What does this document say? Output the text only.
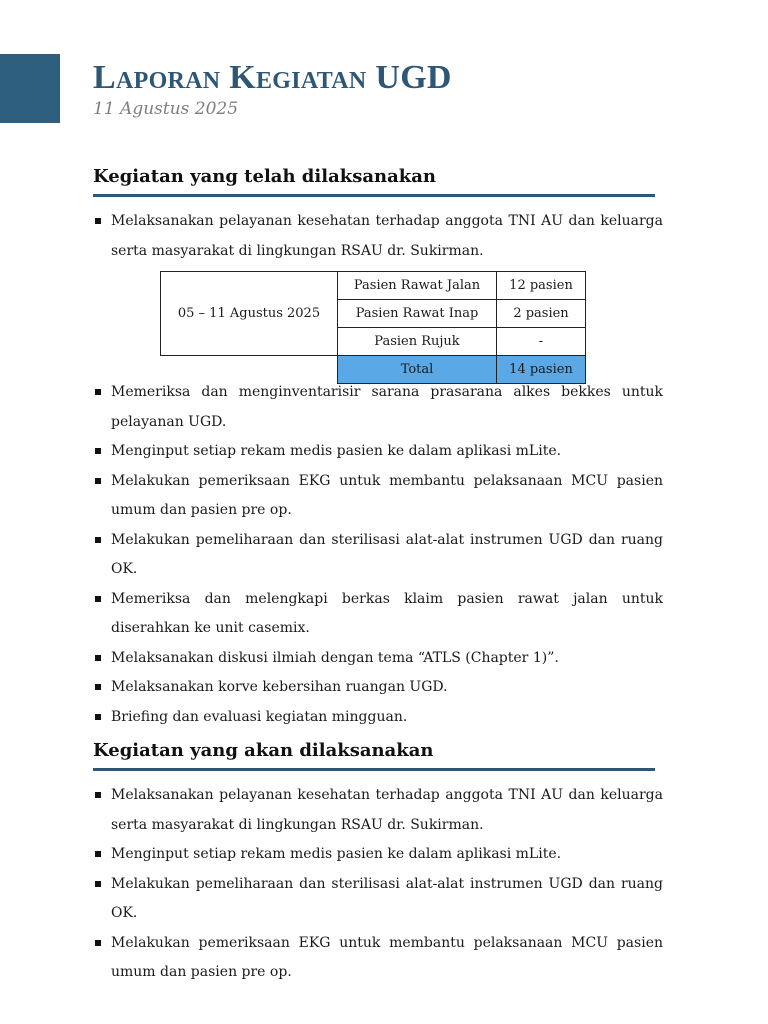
Laporan Kegiatan UGD

11 Agustus 2025

Kegiatan yang telah dilaksanakan
Melaksanakan pelayanan kesehatan terhadap anggota TNI AU dan keluarga serta masyarakat di lingkungan RSAU dr. Sukirman.
05 – 11 Agustus 2025	Pasien Rawat Jalan	12 pasien
	Pasien Rawat Inap	2 pasien
	Pasien Rujuk	-
	Total	14 pasien
Memeriksa dan menginventarisir sarana prasarana alkes bekkes untuk pelayanan UGD.
Menginput setiap rekam medis pasien ke dalam aplikasi mLite.
Melakukan pemeriksaan EKG untuk membantu pelaksanaan MCU pasien umum dan pasien pre op.
Melakukan pemeliharaan dan sterilisasi alat-alat instrumen UGD dan ruang OK.
Memeriksa dan melengkapi berkas klaim pasien rawat jalan untuk diserahkan ke unit casemix.
Melaksanakan diskusi ilmiah dengan tema “ATLS (Chapter 1)”.
Melaksanakan korve kebersihan ruangan UGD.
Briefing dan evaluasi kegiatan mingguan.
Kegiatan yang akan dilaksanakan
Melaksanakan pelayanan kesehatan terhadap anggota TNI AU dan keluarga serta masyarakat di lingkungan RSAU dr. Sukirman.
Menginput setiap rekam medis pasien ke dalam aplikasi mLite.
Melakukan pemeliharaan dan sterilisasi alat-alat instrumen UGD dan ruang OK.
Melakukan pemeriksaan EKG untuk membantu pelaksanaan MCU pasien umum dan pasien pre op.
